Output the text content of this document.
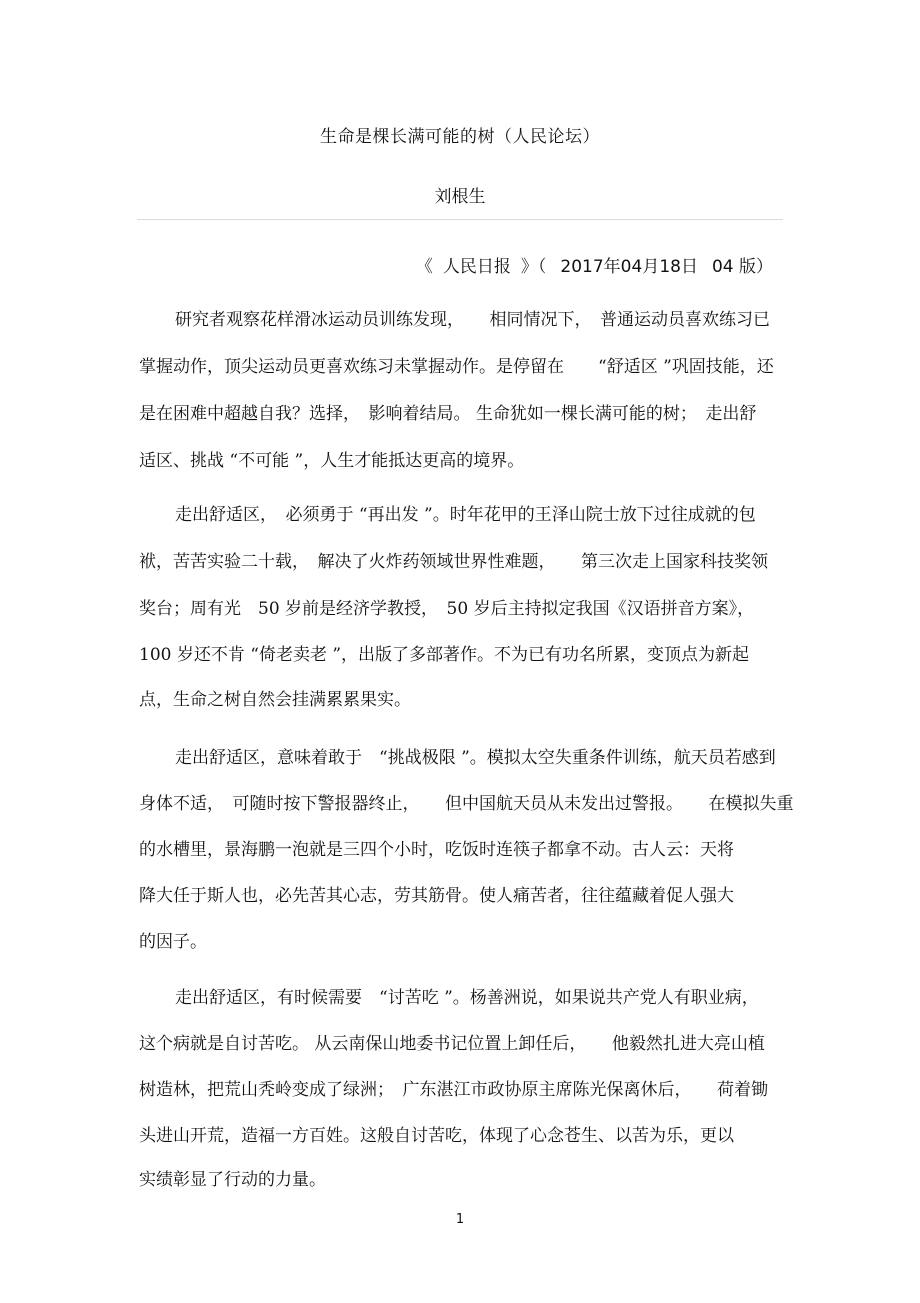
生命是棵长满可能的树（人民论坛）
刘根生
《 人民日报 》（ 2017年04月18日 04 版）
研究者观察花样滑冰运动员训练发现，　　相同情况下，　普通运动员喜欢练习已
掌握动作，顶尖运动员更喜欢练习未掌握动作。是停留在　　“舒适区 ”巩固技能，还
是在困难中超越自我？选择，　影响着结局。 生命犹如一棵长满可能的树；　走出舒
适区、挑战 “不可能 ”，人生才能抵达更高的境界。
走出舒适区，　必须勇于 “再出发 ”。时年花甲的王泽山院士放下过往成就的包
袱，苦苦实验二十载，　解决了火炸药领域世界性难题，　　第三次走上国家科技奖领
奖台；周有光　50 岁前是经济学教授，　50 岁后主持拟定我国《汉语拼音方案》，
100 岁还不肯 “倚老卖老 ”，出版了多部著作。不为已有功名所累，变顶点为新起
点，生命之树自然会挂满累累果实。
走出舒适区，意味着敢于　“挑战极限 ”。模拟太空失重条件训练，航天员若感到
身体不适，　可随时按下警报器终止，　　但中国航天员从未发出过警报。　　在模拟失重
的水槽里，景海鹏一泡就是三四个小时，吃饭时连筷子都拿不动。古人云：天将
降大任于斯人也，必先苦其心志，劳其筋骨。使人痛苦者，往往蕴藏着促人强大
的因子。
走出舒适区，有时候需要　“讨苦吃 ”。杨善洲说，如果说共产党人有职业病，
这个病就是自讨苦吃。 从云南保山地委书记位置上卸任后，　　他毅然扎进大亮山植
树造林，把荒山秃岭变成了绿洲；　广东湛江市政协原主席陈光保离休后，　　荷着锄
头进山开荒，造福一方百姓。这般自讨苦吃，体现了心念苍生、以苦为乐，更以
实绩彰显了行动的力量。
1
